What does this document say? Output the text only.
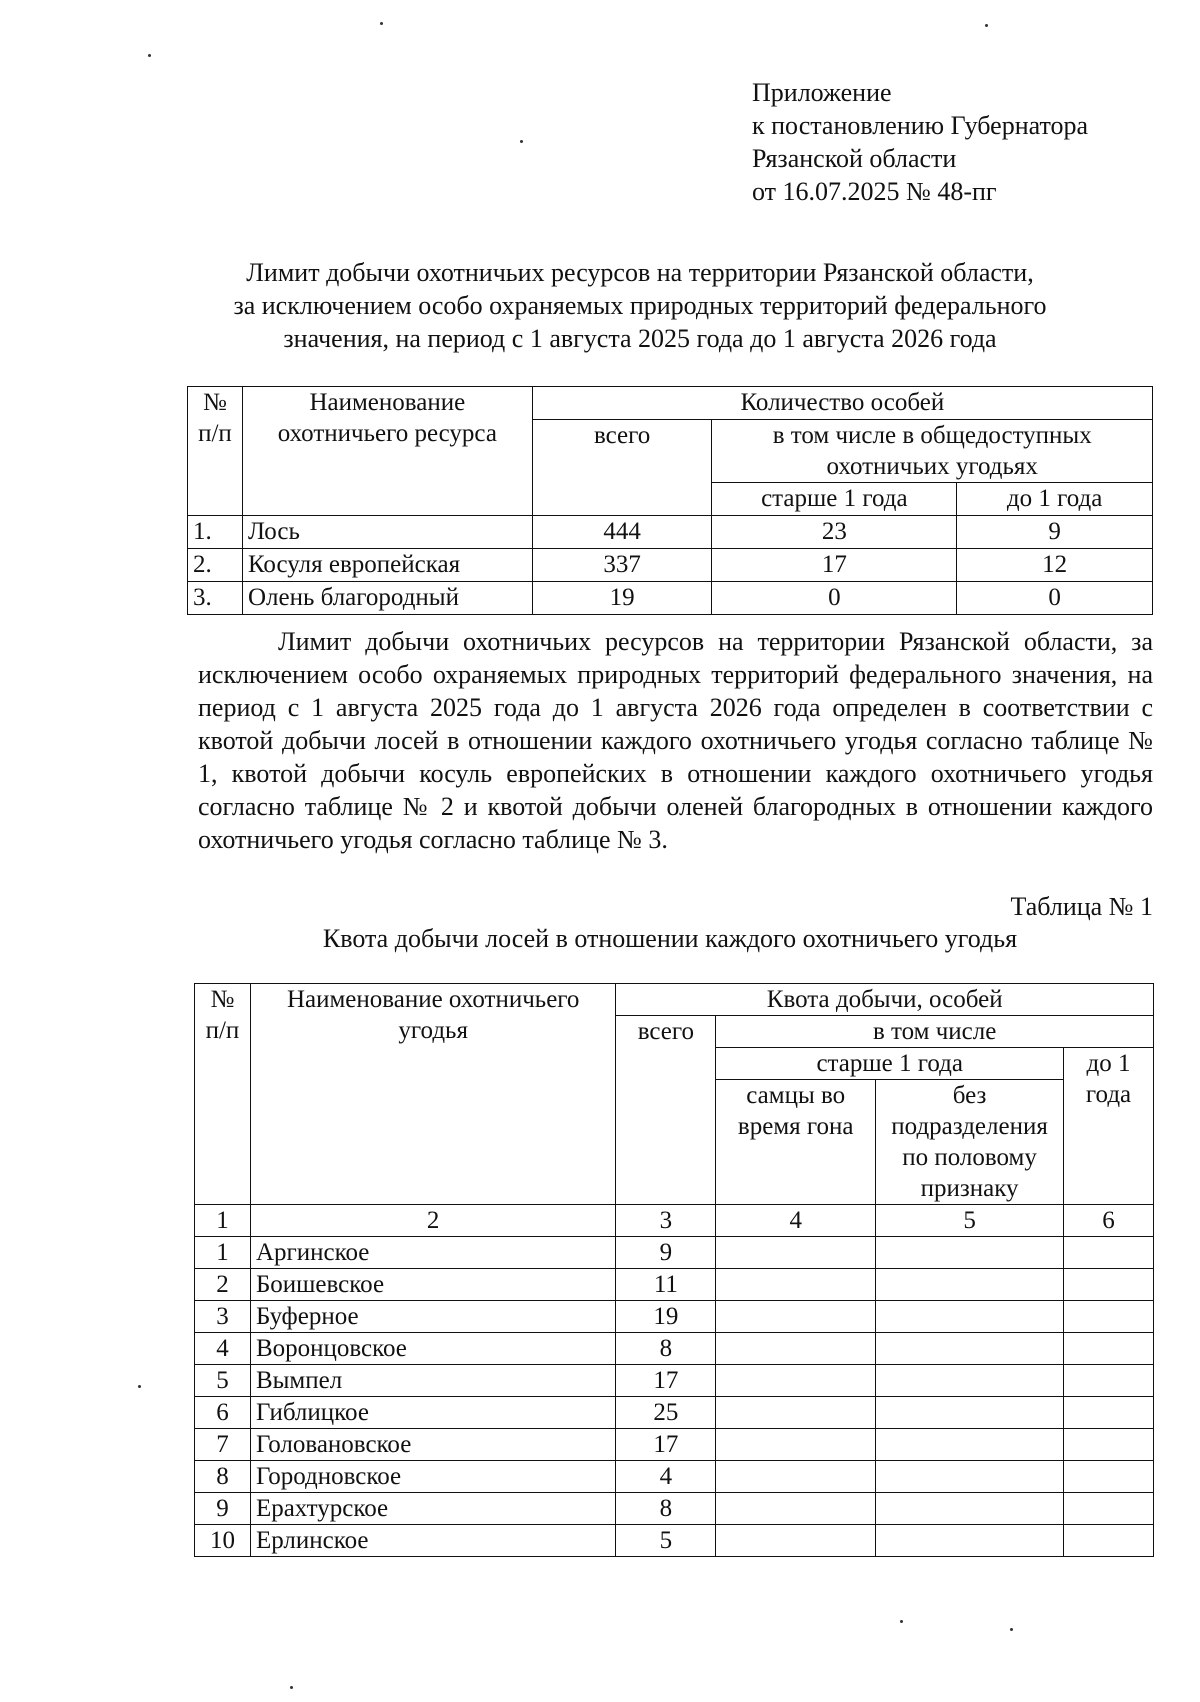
Приложение
к постановлению Губернатора
Рязанской области
от 16.07.2025 № 48-пг
Лимит добычи охотничьих ресурсов на территории Рязанской области,
за исключением особо охраняемых природных территорий федерального
значения, на период с 1 августа 2025 года до 1 августа 2026 года
№ п/п	Наименование охотничьего ресурса	Количество особей		
		всего	в том числе в общедоступных охотничьих угодьях	
			старше 1 года	до 1 года
1.	Лось	444	23	9
2.	Косуля европейская	337	17	12
3.	Олень благородный	19	0	0
Лимит добычи охотничьих ресурсов на территории Рязанской области, за исключением особо охраняемых природных территорий федерального значения, на период с 1 августа 2025 года до 1 августа 2026 года определен в соответствии с квотой добычи лосей в отношении каждого охотничьего угодья согласно таблице № 1, квотой добычи косуль европейских в отношении каждого охотничьего угодья согласно таблице № 2 и квотой добычи оленей благородных в отношении каждого охотничьего угодья согласно таблице № 3.
Таблица № 1
Квота добычи лосей в отношении каждого охотничьего угодья
№ п/п	Наименование охотничьего угодья	Квота добычи, особей			
		всего	в том числе		
			старше 1 года		до 1 года
			самцы во время гона	без подразделения по половому признаку	
1	2	3	4	5	6
1	Аргинское	9			
2	Боишевское	11			
3	Буферное	19			
4	Воронцовское	8			
5	Вымпел	17			
6	Гиблицкое	25			
7	Головановское	17			
8	Городновское	4			
9	Ерахтурское	8			
10	Ерлинское	5			
